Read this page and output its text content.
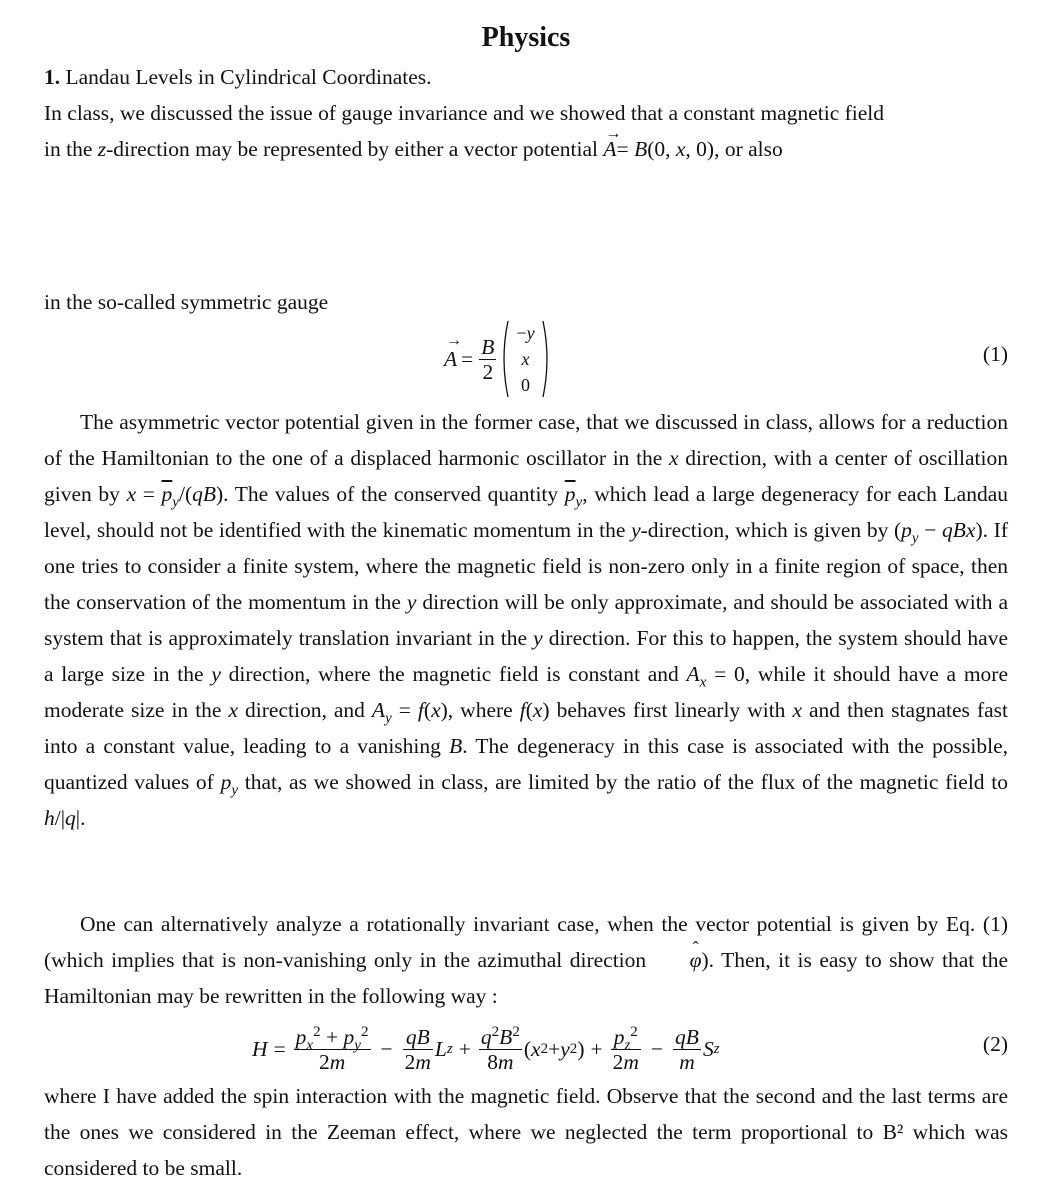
Physics
1. Landau Levels in Cylindrical Coordinates.
In class, we discussed the issue of gauge invariance and we showed that a constant magnetic field
in the z-direction may be represented by either a vector potential → A= B(0, x, 0), or also
in the so-called symmetric gauge
→ $A = \frac{B}{2}$
−y
x
0
(1)
The asymmetric vector potential given in the former case, that we discussed in class, allows for a reduction of the Hamiltonian to the one of a displaced harmonic oscillator in the x direction, with a center of oscillation given by $x = \overline{p}_y/(qB)$. The values of the conserved quantity $\overline{p}_y$, which lead a large degeneracy for each Landau level, should not be identified with the kinematic momentum in the y-direction, which is given by $(p_y - qBx)$. If one tries to consider a finite system, where the magnetic field is non-zero only in a finite region of space, then the conservation of the momentum in the y direction will be only approximate, and should be associated with a system that is approximately translation invariant in the y direction. For this to happen, the system should have a large size in the y direction, where the magnetic field is constant and $A_x = 0$, while it should have a more moderate size in the x direction, and $A_y = f(x)$, where f(x) behaves first linearly with x and then stagnates fast into a constant value, leading to a vanishing B. The degeneracy in this case is associated with the possible, quantized values of $p_y$ that, as we showed in class, are limited by the ratio of the flux of the magnetic field to h/|q|.
One can alternatively analyze a rotationally invariant case, when the vector potential is given by Eq. (1) (which implies that is non-vanishing only in the azimuthal direction ˆ φ). Then, it is easy to show that the Hamiltonian may be rewritten in the following way :
$H = \frac{p_x^2 + p_y^2}{2m} - \frac{qB}{2m}$ L $z + \frac{q^2B^2}{8m}$ ( x 2 + y 2 ) + $\frac{p_z^2}{2m} - \frac{qB}{m}$ S z	(2)
where I have added the spin interaction with the magnetic field. Observe that the second and the last terms are the ones we considered in the Zeeman effect, where we neglected the term proportional to B² which was considered to be small.
